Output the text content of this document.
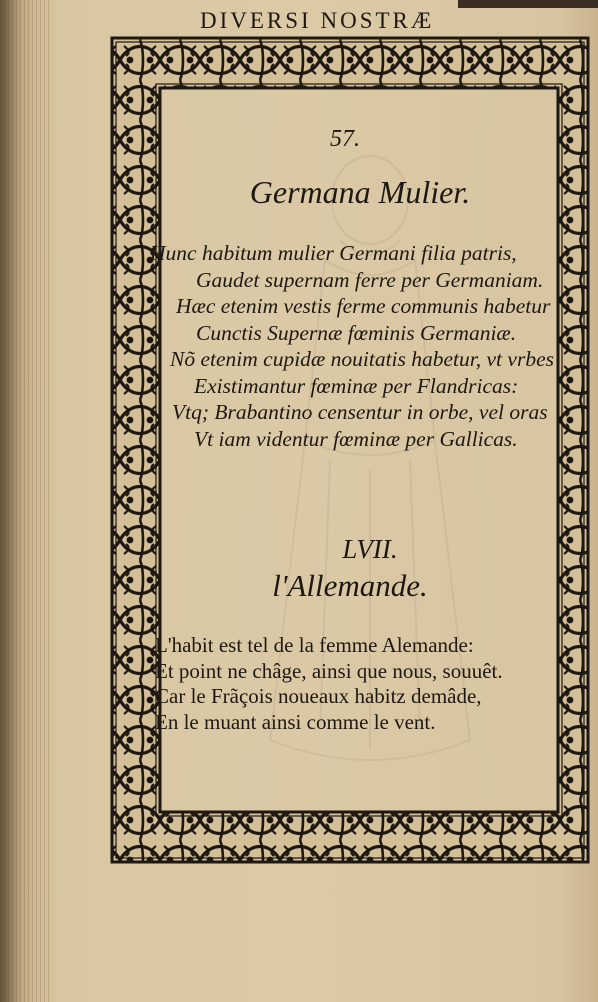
DIVERSI NOSTRÆ
57.
Germana Mulier.
Hunc habitum mulier Germani filia patris,
Gaudet supernam ferre per Germaniam.
Hæc etenim vestis ferme communis habetur
Cunctis Supernæ fœminis Germaniæ.
Nõ etenim cupidæ nouitatis habetur, vt vrbes
Existimantur fœminæ per Flandricas:
Vtq; Brabantino censentur in orbe, vel oras
Vt iam videntur fœminæ per Gallicas.
LVII.
l'Allemande.
L'habit est tel de la femme Alemande:
Et point ne châge, ainsi que nous, souuêt.
Car le Frãçois noueaux habitz demâde,
En le muant ainsi comme le vent.
